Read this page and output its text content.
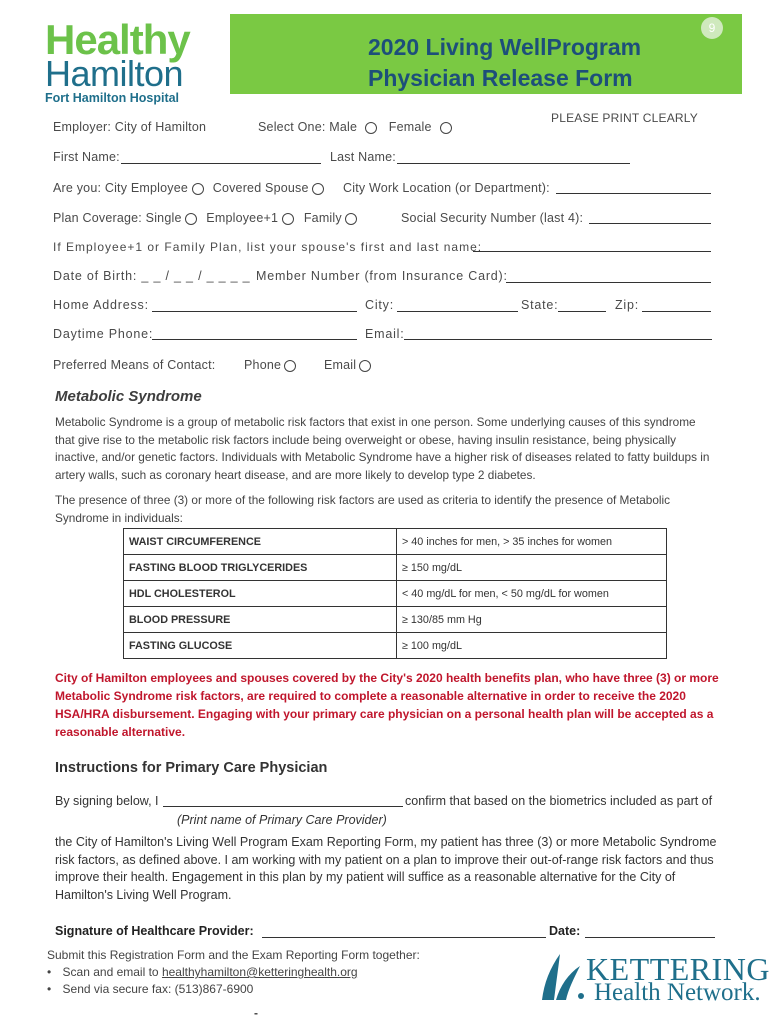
Healthy
Hamilton
Fort Hamilton Hospital
9
2020 Living WellProgram
Physician Release Form
PLEASE PRINT CLEARLY
Employer: City of Hamilton	Select One: Male	Female
First Name:	Last Name:
Are you: City Employee Covered Spouse	City Work Location (or Department):
Plan Coverage: Single Employee+1 Family	Social Security Number (last 4):
If Employee+1 or Family Plan, list your spouse's first and last name:
Date of Birth: _ _ / _ _ / _ _ _ _ Member Number (from Insurance Card):
Home Address:	City:	State:	Zip:
Daytime Phone:	Email:
Preferred Means of Contact: Phone	Email
Metabolic Syndrome
Metabolic Syndrome is a group of metabolic risk factors that exist in one person. Some underlying causes of this syndrome that give rise to the metabolic risk factors include being overweight or obese, having insulin resistance, being physically inactive, and/or genetic factors. Individuals with Metabolic Syndrome have a higher risk of diseases related to fatty buildups in artery walls, such as coronary heart disease, and are more likely to develop type 2 diabetes.
The presence of three (3) or more of the following risk factors are used as criteria to identify the presence of Metabolic Syndrome in individuals:
WAIST CIRCUMFERENCE	> 40 inches for men, > 35 inches for women
FASTING BLOOD TRIGLYCERIDES	≥ 150 mg/dL
HDL CHOLESTEROL	< 40 mg/dL for men, < 50 mg/dL for women
BLOOD PRESSURE	≥ 130/85 mm Hg
FASTING GLUCOSE	≥ 100 mg/dL
City of Hamilton employees and spouses covered by the City's 2020 health benefits plan, who have three (3) or more Metabolic Syndrome risk factors, are required to complete a reasonable alternative in order to receive the 2020 HSA/HRA disbursement. Engaging with your primary care physician on a personal health plan will be accepted as a reasonable alternative.
Instructions for Primary Care Physician
By signing below, I	confirm that based on the biometrics included as part of
(Print name of Primary Care Provider)
the City of Hamilton's Living Well Program Exam Reporting Form, my patient has three (3) or more Metabolic Syndrome risk factors, as defined above. I am working with my patient on a plan to improve their out-of-range risk factors and thus improve their health. Engagement in this plan by my patient will suffice as a reasonable alternative for the City of Hamilton's Living Well Program.
Signature of Healthcare Provider:	Date:
Submit this Registration Form and the Exam Reporting Form together:
• Scan and email to healthyhamilton@ketteringhealth.org
• Send via secure fax: (513)867-6900
-
KETTERING
Health Network.
